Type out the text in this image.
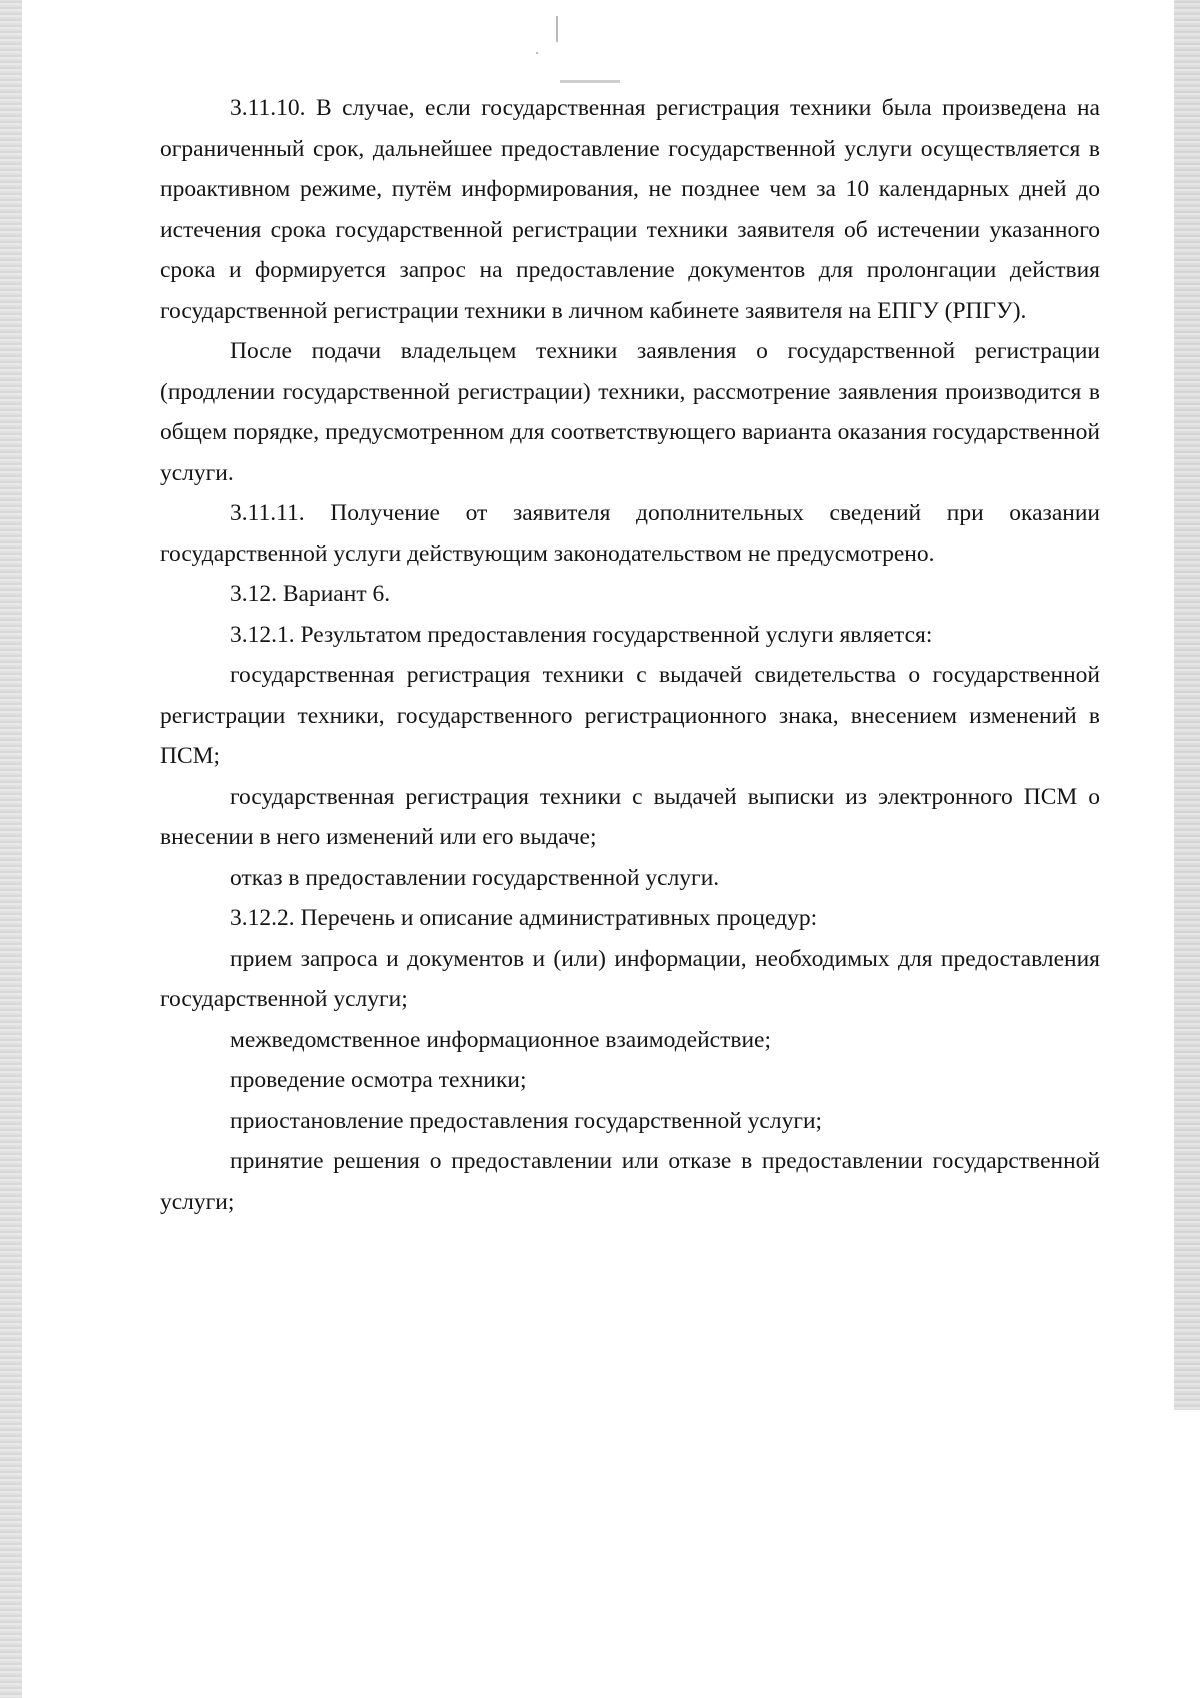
3.11.10. В случае, если государственная регистрация техники была произведена на ограниченный срок, дальнейшее предоставление государственной услуги осуществляется в проактивном режиме, путём информирования, не позднее чем за 10 календарных дней до истечения срока государственной регистрации техники заявителя об истечении указанного срока и формируется запрос на предоставление документов для пролонгации действия государственной регистрации техники в личном кабинете заявителя на ЕПГУ (РПГУ).

После подачи владельцем техники заявления о государственной регистрации (продлении государственной регистрации) техники, рассмотрение заявления производится в общем порядке, предусмотренном для соответствующего варианта оказания государственной услуги.

3.11.11. Получение от заявителя дополнительных сведений при оказании государственной услуги действующим законодательством не предусмотрено.

3.12. Вариант 6.

3.12.1. Результатом предоставления государственной услуги является:

государственная регистрация техники с выдачей свидетельства о государственной регистрации техники, государственного регистрационного знака, внесением изменений в ПСМ;

государственная регистрация техники с выдачей выписки из электронного ПСМ о внесении в него изменений или его выдаче;

отказ в предоставлении государственной услуги.

3.12.2. Перечень и описание административных процедур:

прием запроса и документов и (или) информации, необходимых для предоставления государственной услуги;

межведомственное информационное взаимодействие;

проведение осмотра техники;

приостановление предоставления государственной услуги;

принятие решения о предоставлении или отказе в предоставлении государственной услуги;
